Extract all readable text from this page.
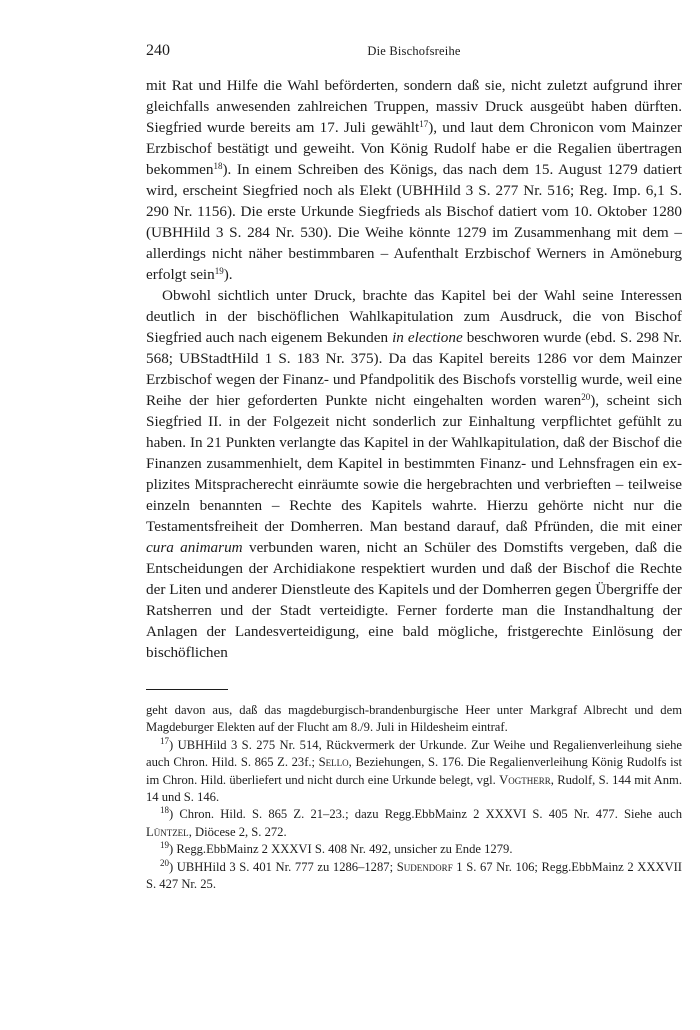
240	Die Bischofsreihe

mit Rat und Hilfe die Wahl beförderten, sondern daß sie, nicht zuletzt aufgrund ihrer gleichfalls anwesenden zahlreichen Truppen, massiv Druck ausgeübt haben dürften. Siegfried wurde bereits am 17. Juli gewählt$^{17}$), und laut dem Chronicon vom Mainzer Erzbischof bestätigt und geweiht. Von König Rudolf habe er die Regalien übertragen bekommen$^{18}$). In einem Schreiben des Königs, das nach dem 15. August 1279 datiert wird, erscheint Siegfried noch als Elekt (UBHHild 3 S. 277 Nr. 516; Reg. Imp. 6,1 S. 290 Nr. 1156). Die erste Urkunde Siegfrieds als Bischof datiert vom 10. Oktober 1280 (UBHHild 3 S. 284 Nr. 530). Die Weihe könnte 1279 im Zusammenhang mit dem – allerdings nicht näher bestimmbaren – Aufenthalt Erzbischof Werners in Amöneburg erfolgt sein$^{19}$).

Obwohl sichtlich unter Druck, brachte das Kapitel bei der Wahl seine Interessen deutlich in der bischöflichen Wahlkapitulation zum Ausdruck, die von Bischof Siegfried auch nach eigenem Bekunden in electione beschworen wurde (ebd. S. 298 Nr. 568; UBStadtHild 1 S. 183 Nr. 375). Da das Kapitel bereits 1286 vor dem Mainzer Erzbischof wegen der Finanz- und Pfandpolitik des Bischofs vorstellig wurde, weil eine Reihe der hier geforderten Punkte nicht eingehalten worden waren$^{20}$), scheint sich Siegfried II. in der Folgezeit nicht sonderlich zur Einhaltung verpflichtet gefühlt zu haben. In 21 Punkten verlangte das Kapitel in der Wahlkapitulation, daß der Bischof die Finanzen zusammenhielt, dem Kapitel in bestimmten Finanz- und Lehnsfragen ein explizites Mitspracherecht einräumte sowie die hergebrachten und verbrieften – teilweise einzeln benannten – Rechte des Kapitels wahrte. Hierzu gehörte nicht nur die Testamentsfreiheit der Domherren. Man bestand darauf, daß Pfründen, die mit einer cura animarum verbunden waren, nicht an Schüler des Domstifts vergeben, daß die Entscheidungen der Archidiakone respektiert wurden und daß der Bischof die Rechte der Liten und anderer Dienstleute des Kapitels und der Domherren gegen Übergriffe der Ratsherren und der Stadt verteidigte. Ferner forderte man die Instandhaltung der Anlagen der Landesverteidigung, eine bald mögliche, fristgerechte Einlösung der bischöflichen

geht davon aus, daß das magdeburgisch-brandenburgische Heer unter Markgraf Albrecht und dem Magdeburger Elekten auf der Flucht am 8./9. Juli in Hildesheim eintraf.

$^{17}$) UBHHild 3 S. 275 Nr. 514, Rückvermerk der Urkunde. Zur Weihe und Regalienverleihung siehe auch Chron. Hild. S. 865 Z. 23f.; Sello, Beziehungen, S. 176. Die Regalienverleihung König Rudolfs ist im Chron. Hild. überliefert und nicht durch eine Urkunde belegt, vgl. Vogtherr, Rudolf, S. 144 mit Anm. 14 und S. 146.

$^{18}$) Chron. Hild. S. 865 Z. 21–23.; dazu Regg.EbbMainz 2 XXXVI S. 405 Nr. 477. Siehe auch Lüntzel, Diöcese 2, S. 272.

$^{19}$) Regg.EbbMainz 2 XXXVI S. 408 Nr. 492, unsicher zu Ende 1279.

$^{20}$) UBHHild 3 S. 401 Nr. 777 zu 1286–1287; Sudendorf 1 S. 67 Nr. 106; Regg.EbbMainz 2 XXXVII S. 427 Nr. 25.
